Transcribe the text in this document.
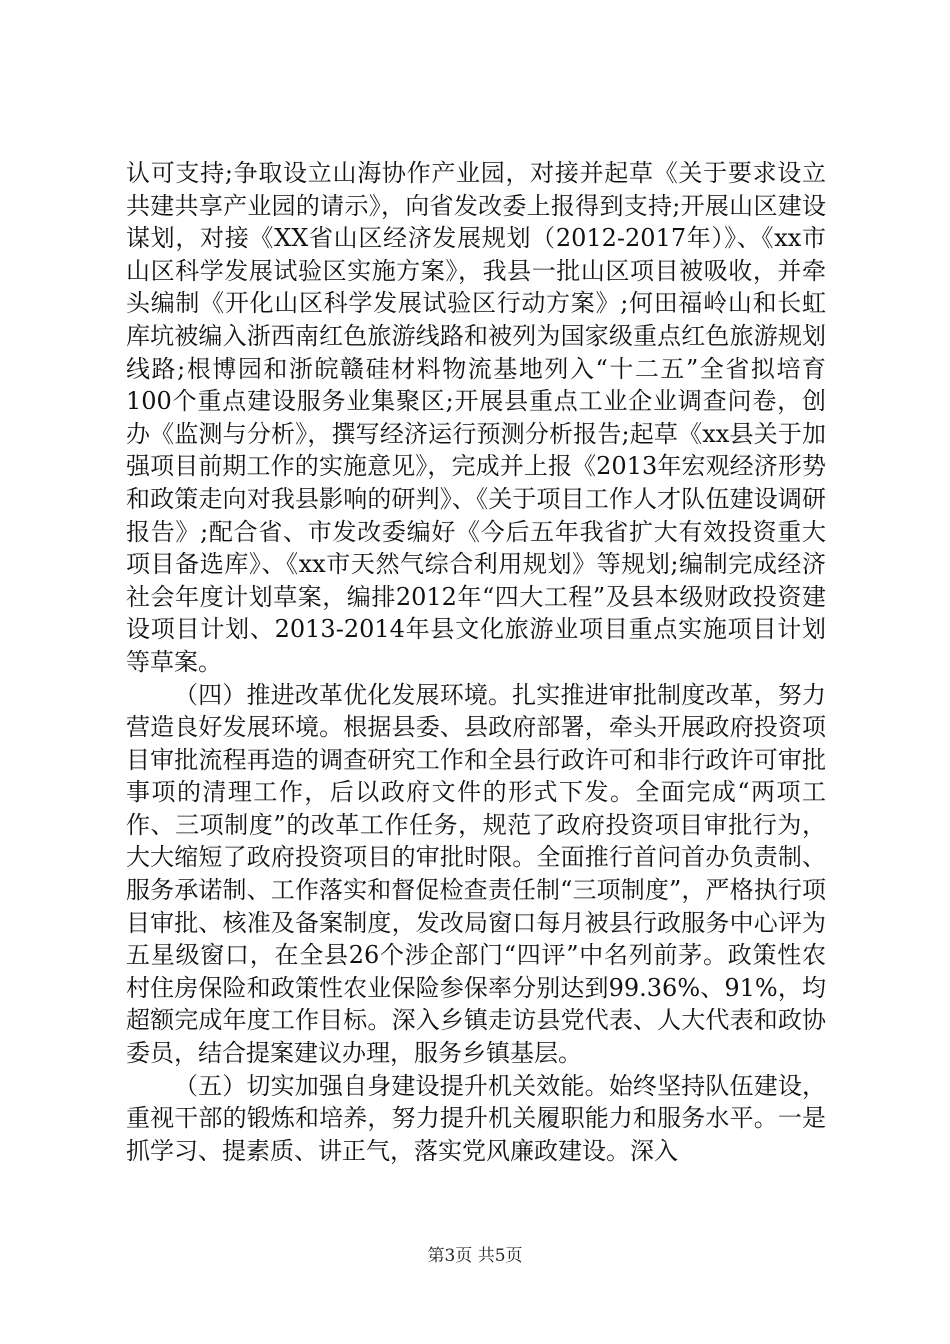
认可支持;争取设立山海协作产业园，对接并起草《关于要求设立共建共享产业园的请示》，向省发改委上报得到支持;开展山区建设谋划，对接《XX省山区经济发展规划（2012-2017年）》、《xx市山区科学发展试验区实施方案》，我县一批山区项目被吸收，并牵头编制《开化山区科学发展试验区行动方案》;何田福岭山和长虹库坑被编入浙西南红色旅游线路和被列为国家级重点红色旅游规划线路;根博园和浙皖赣硅材料物流基地列入“十二五”全省拟培育100个重点建设服务业集聚区;开展县重点工业企业调查问卷，创办《监测与分析》，撰写经济运行预测分析报告;起草《xx县关于加强项目前期工作的实施意见》，完成并上报《2013年宏观经济形势和政策走向对我县影响的研判》、《关于项目工作人才队伍建设调研报告》;配合省、市发改委编好《今后五年我省扩大有效投资重大项目备选库》、《xx市天然气综合利用规划》等规划;编制完成经济社会年度计划草案，编排2012年“四大工程”及县本级财政投资建设项目计划、2013-2014年县文化旅游业项目重点实施项目计划等草案。

（四）推进改革优化发展环境。扎实推进审批制度改革，努力营造良好发展环境。根据县委、县政府部署，牵头开展政府投资项目审批流程再造的调查研究工作和全县行政许可和非行政许可审批事项的清理工作，后以政府文件的形式下发。全面完成“两项工作、三项制度”的改革工作任务，规范了政府投资项目审批行为，大大缩短了政府投资项目的审批时限。全面推行首问首办负责制、服务承诺制、工作落实和督促检查责任制“三项制度”，严格执行项目审批、核准及备案制度，发改局窗口每月被县行政服务中心评为五星级窗口，在全县26个涉企部门“四评”中名列前茅。政策性农村住房保险和政策性农业保险参保率分别达到99.36%、91%，均超额完成年度工作目标。深入乡镇走访县党代表、人大代表和政协委员，结合提案建议办理，服务乡镇基层。

（五）切实加强自身建设提升机关效能。始终坚持队伍建设，重视干部的锻炼和培养，努力提升机关履职能力和服务水平。一是抓学习、提素质、讲正气，落实党风廉政建设。深入

第3页 共5页
